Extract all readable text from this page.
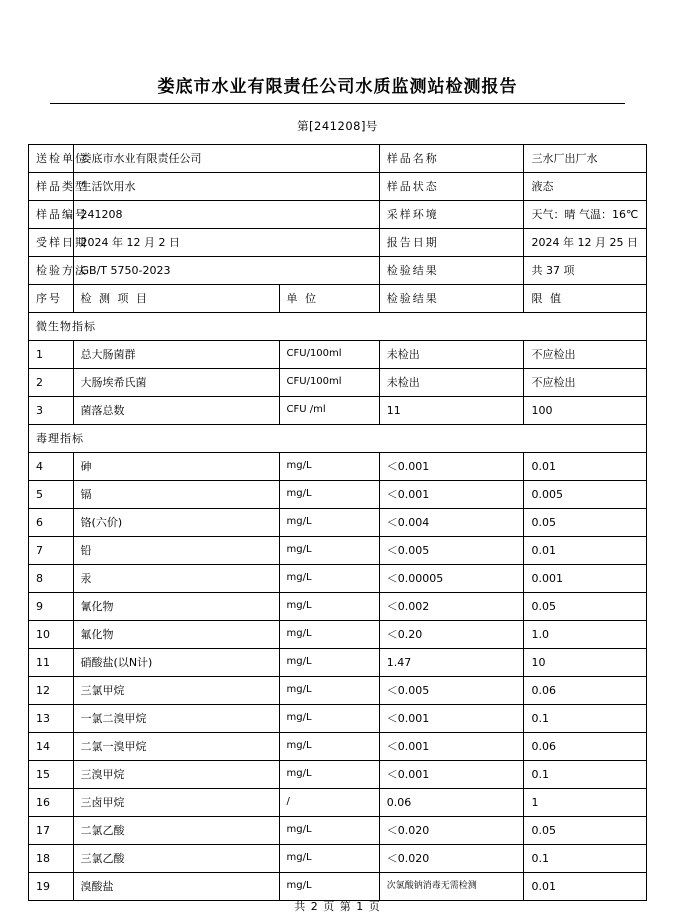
娄底市水业有限责任公司水质监测站检测报告
第[241208]号
送检单位	娄底市水业有限责任公司		样品名称	三水厂出厂水
样品类型	生活饮用水		样品状态	液态
样品编号	241208		采样环境	天气：晴 气温：16℃
受样日期	2024 年 12 月 2 日		报告日期	2024 年 12 月 25 日
检验方法	GB/T 5750-2023		检验结果	共 37 项
序号	检 测 项 目	单 位	检验结果	限 值
微生物指标				
1	总大肠菌群	CFU/100ml	未检出	不应检出
2	大肠埃希氏菌	CFU/100ml	未检出	不应检出
3	菌落总数	CFU /ml	11	100
毒理指标				
4	砷	mg/L	＜0.001	0.01
5	镉	mg/L	＜0.001	0.005
6	铬(六价)	mg/L	＜0.004	0.05
7	铅	mg/L	＜0.005	0.01
8	汞	mg/L	＜0.00005	0.001
9	氰化物	mg/L	＜0.002	0.05
10	氟化物	mg/L	＜0.20	1.0
11	硝酸盐(以N计)	mg/L	1.47	10
12	三氯甲烷	mg/L	＜0.005	0.06
13	一氯二溴甲烷	mg/L	＜0.001	0.1
14	二氯一溴甲烷	mg/L	＜0.001	0.06
15	三溴甲烷	mg/L	＜0.001	0.1
16	三卤甲烷	/	0.06	1
17	二氯乙酸	mg/L	＜0.020	0.05
18	三氯乙酸	mg/L	＜0.020	0.1
19	溴酸盐	mg/L	次氯酸钠消毒无需检测	0.01
共 2 页 第 1 页
